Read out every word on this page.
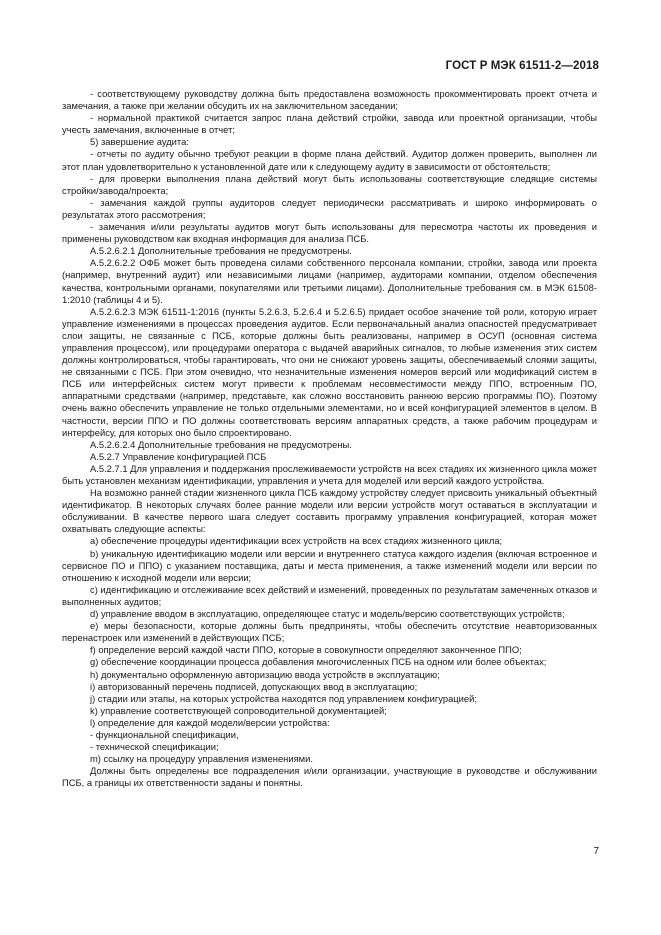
ГОСТ Р МЭК 61511-2—2018

- соответствующему руководству должна быть предоставлена возможность прокомментировать проект отчета и замечания, а также при желании обсудить их на заключительном заседании;

- нормальной практикой считается запрос плана действий стройки, завода или проектной организации, чтобы учесть замечания, включенные в отчет;

5) завершение аудита:

- отчеты по аудиту обычно требуют реакции в форме плана действий. Аудитор должен проверить, выполнен ли этот план удовлетворительно к установленной дате или к следующему аудиту в зависимости от обстоятельств;

- для проверки выполнения плана действий могут быть использованы соответствующие следящие системы стройки/завода/проекта;

- замечания каждой группы аудиторов следует периодически рассматривать и широко информировать о результатах этого рассмотрения;

- замечания и/или результаты аудитов могут быть использованы для пересмотра частоты их проведения и применены руководством как входная информация для анализа ПСБ.

А.5.2.6.2.1 Дополнительные требования не предусмотрены.

А.5.2.6.2.2 ОФБ может быть проведена силами собственного персонала компании, стройки, завода или проекта (например, внутренний аудит) или независимыми лицами (например, аудиторами компании, отделом обеспечения качества, контрольными органами, покупателями или третьими лицами). Дополнительные требования см. в МЭК 61508-1:2010 (таблицы 4 и 5).

А.5.2.6.2.3 МЭК 61511-1:2016 (пункты 5.2.6.3, 5.2.6.4 и 5.2.6.5) придает особое значение той роли, которую играет управление изменениями в процессах проведения аудитов. Если первоначальный анализ опасностей предусматривает слои защиты, не связанные с ПСБ, которые должны быть реализованы, например в ОСУП (основная система управления процессом), или процедурами оператора с выдачей аварийных сигналов, то любые изменения этих систем должны контролироваться, чтобы гарантировать, что они не снижают уровень защиты, обеспечиваемый слоями защиты, не связанными с ПСБ. При этом очевидно, что незначительные изменения номеров версий или модификаций систем в ПСБ или интерфейсных систем могут привести к проблемам несовместимости между ППО, встроенным ПО, аппаратными средствами (например, представьте, как сложно восстановить раннюю версию программы ПО). Поэтому очень важно обеспечить управление не только отдельными элементами, но и всей конфигурацией элементов в целом. В частности, версии ППО и ПО должны соответствовать версиям аппаратных средств, а также рабочим процедурам и интерфейсу, для которых оно было спроектировано.

А.5.2.6.2.4 Дополнительные требования не предусмотрены.

А.5.2.7 Управление конфигурацией ПСБ

А.5.2.7.1 Для управления и поддержания прослеживаемости устройств на всех стадиях их жизненного цикла может быть установлен механизм идентификации, управления и учета для моделей или версий каждого устройства.

На возможно ранней стадии жизненного цикла ПСБ каждому устройству следует присвоить уникальный объектный идентификатор. В некоторых случаях более ранние модели или версии устройств могут оставаться в эксплуатации и обслуживании. В качестве первого шага следует составить программу управления конфигурацией, которая может охватывать следующие аспекты:

а) обеспечение процедуры идентификации всех устройств на всех стадиях жизненного цикла;

b) уникальную идентификацию модели или версии и внутреннего статуса каждого изделия (включая встроенное и сервисное ПО и ППО) с указанием поставщика, даты и места применения, а также изменений модели или версии по отношению к исходной модели или версии;

c) идентификацию и отслеживание всех действий и изменений, проведенных по результатам замеченных отказов и выполненных аудитов;

d) управление вводом в эксплуатацию, определяющее статус и модель/версию соответствующих устройств;

e) меры безопасности, которые должны быть предприняты, чтобы обеспечить отсутствие неавторизованных перенастроек или изменений в действующих ПСБ;

f) определение версий каждой части ППО, которые в совокупности определяют законченное ППО;

g) обеспечение координации процесса добавления многочисленных ПСБ на одном или более объектах;

h) документально оформленную авторизацию ввода устройств в эксплуатацию;

i) авторизованный перечень подписей, допускающих ввод в эксплуатацию;

j) стадии или этапы, на которых устройства находятся под управлением конфигурацией;

k) управление соответствующей сопроводительной документацией;

l) определение для каждой модели/версии устройства:

- функциональной спецификации,

- технической спецификации;

m) ссылку на процедуру управления изменениями.

Должны быть определены все подразделения и/или организации, участвующие в руководстве и обслуживании ПСБ, а границы их ответственности заданы и понятны.

7
